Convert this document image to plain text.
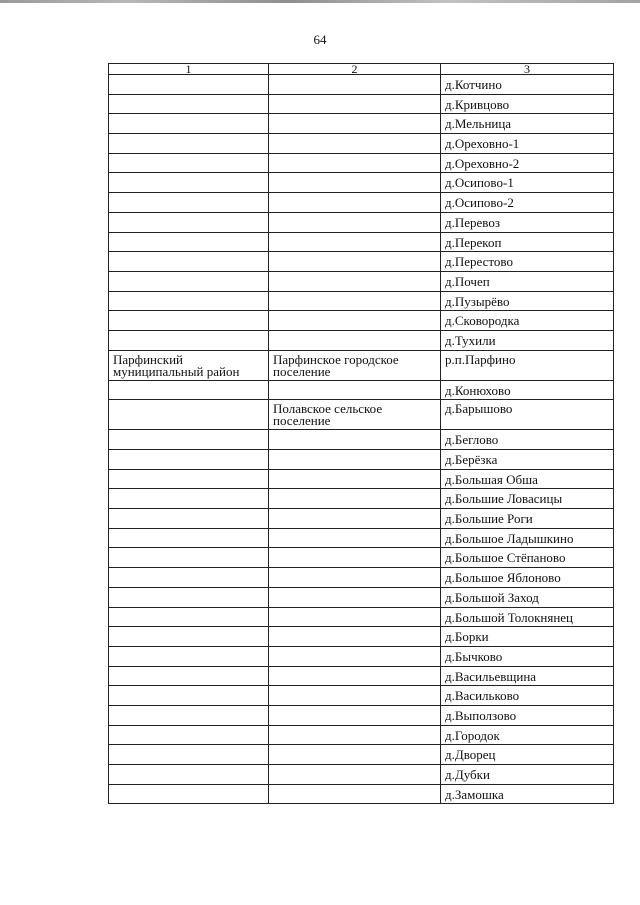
64
1	2	3
		д.Котчино
		д.Кривцово
		д.Мельница
		д.Ореховно-1
		д.Ореховно-2
		д.Осипово-1
		д.Осипово-2
		д.Перевоз
		д.Перекоп
		д.Перестово
		д.Почеп
		д.Пузырёво
		д.Сковородка
		д.Тухили
Парфинский муниципальный район	Парфинское городское поселение	р.п.Парфино
		д.Конюхово
	Полавское сельское поселение	д.Барышово
		д.Беглово
		д.Берёзка
		д.Большая Обша
		д.Большие Ловасицы
		д.Большие Роги
		д.Большое Ладышкино
		д.Большое Стёпаново
		д.Большое Яблоново
		д.Большой Заход
		д.Большой Толокнянец
		д.Борки
		д.Бычково
		д.Васильевщина
		д.Васильково
		д.Выползово
		д.Городок
		д.Дворец
		д.Дубки
		д.Замошка
